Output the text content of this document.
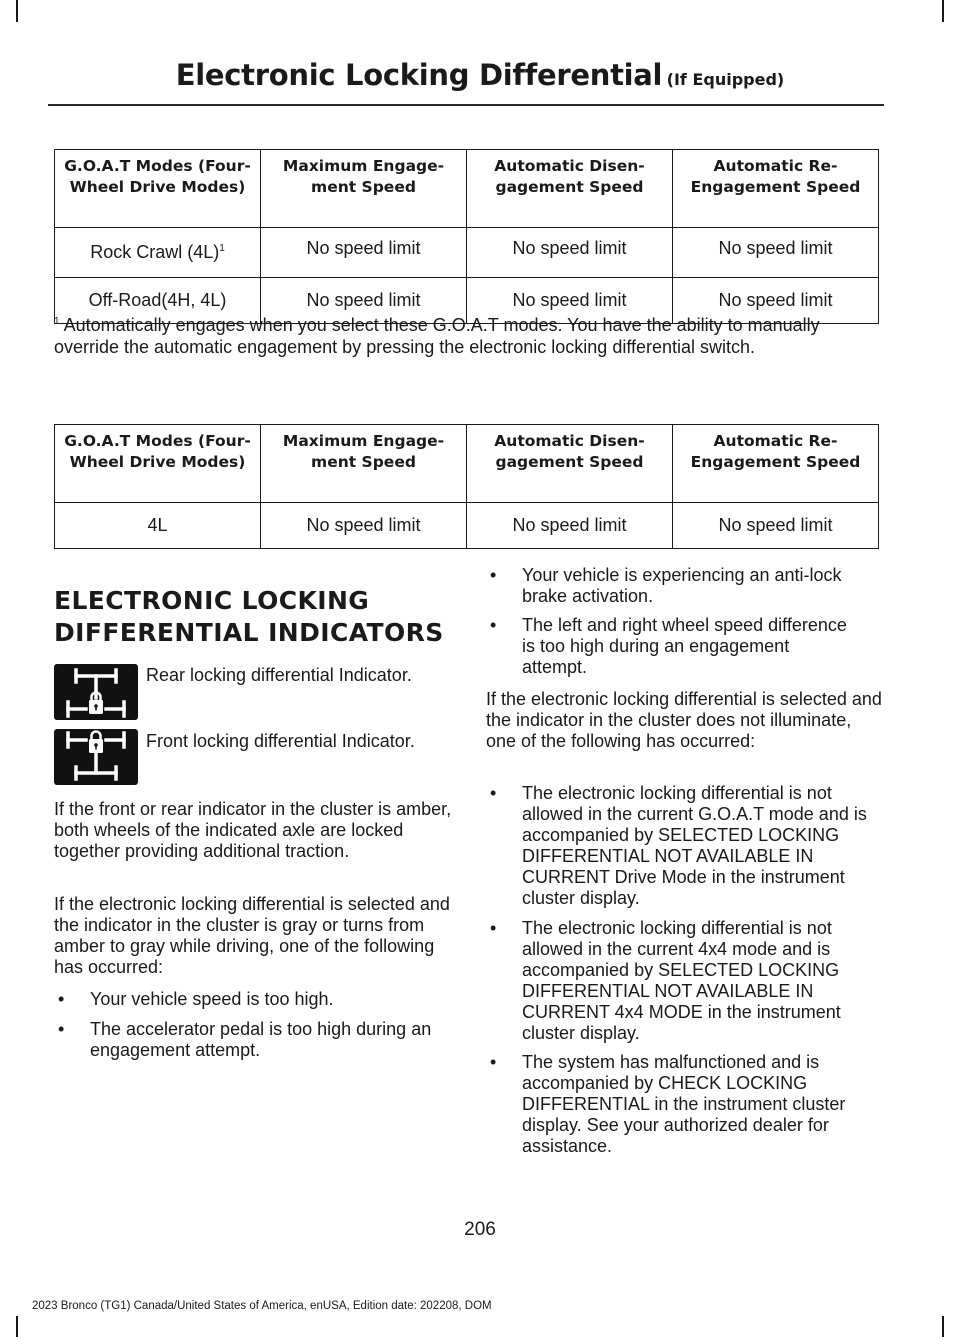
Electronic Locking Differential (If Equipped)
G.O.A.T Modes (Four-Wheel Drive Modes)	Maximum Engage-ment Speed	Automatic Disen-gagement Speed	Automatic Re-Engagement Speed
Rock Crawl $(4L)^1$	No speed limit	No speed limit	No speed limit
Off-Road(4H, 4L)	No speed limit	No speed limit	No speed limit
$^1$ Automatically engages when you select these G.O.A.T modes. You have the ability to manually override the automatic engagement by pressing the electronic locking differential switch.
G.O.A.T Modes (Four-Wheel Drive Modes)	Maximum Engage-ment Speed	Automatic Disen-gagement Speed	Automatic Re-Engagement Speed
4L	No speed limit	No speed limit	No speed limit
ELECTRONIC LOCKING
DIFFERENTIAL INDICATORS
Rear locking differential Indicator.
Front locking differential Indicator.
If the front or rear indicator in the cluster is amber, both wheels of the indicated axle are locked together providing additional traction.
If the electronic locking differential is selected and the indicator in the cluster is gray or turns from amber to gray while driving, one of the following has occurred:
• Your vehicle speed is too high.
• The accelerator pedal is too high during an engagement attempt.
• Your vehicle is experiencing an anti-lock brake activation.
• The left and right wheel speed difference is too high during an engagement attempt.
If the electronic locking differential is selected and the indicator in the cluster does not illuminate, one of the following has occurred:
• The electronic locking differential is not allowed in the current G.O.A.T mode and is accompanied by SELECTED LOCKING DIFFERENTIAL NOT AVAILABLE IN CURRENT Drive Mode in the instrument cluster display.
• The electronic locking differential is not allowed in the current 4x4 mode and is accompanied by SELECTED LOCKING DIFFERENTIAL NOT AVAILABLE IN CURRENT 4x4 MODE in the instrument cluster display.
• The system has malfunctioned and is accompanied by CHECK LOCKING DIFFERENTIAL in the instrument cluster display. See your authorized dealer for assistance.
206
2023 Bronco (TG1) Canada/United States of America, enUSA, Edition date: 202208, DOM
